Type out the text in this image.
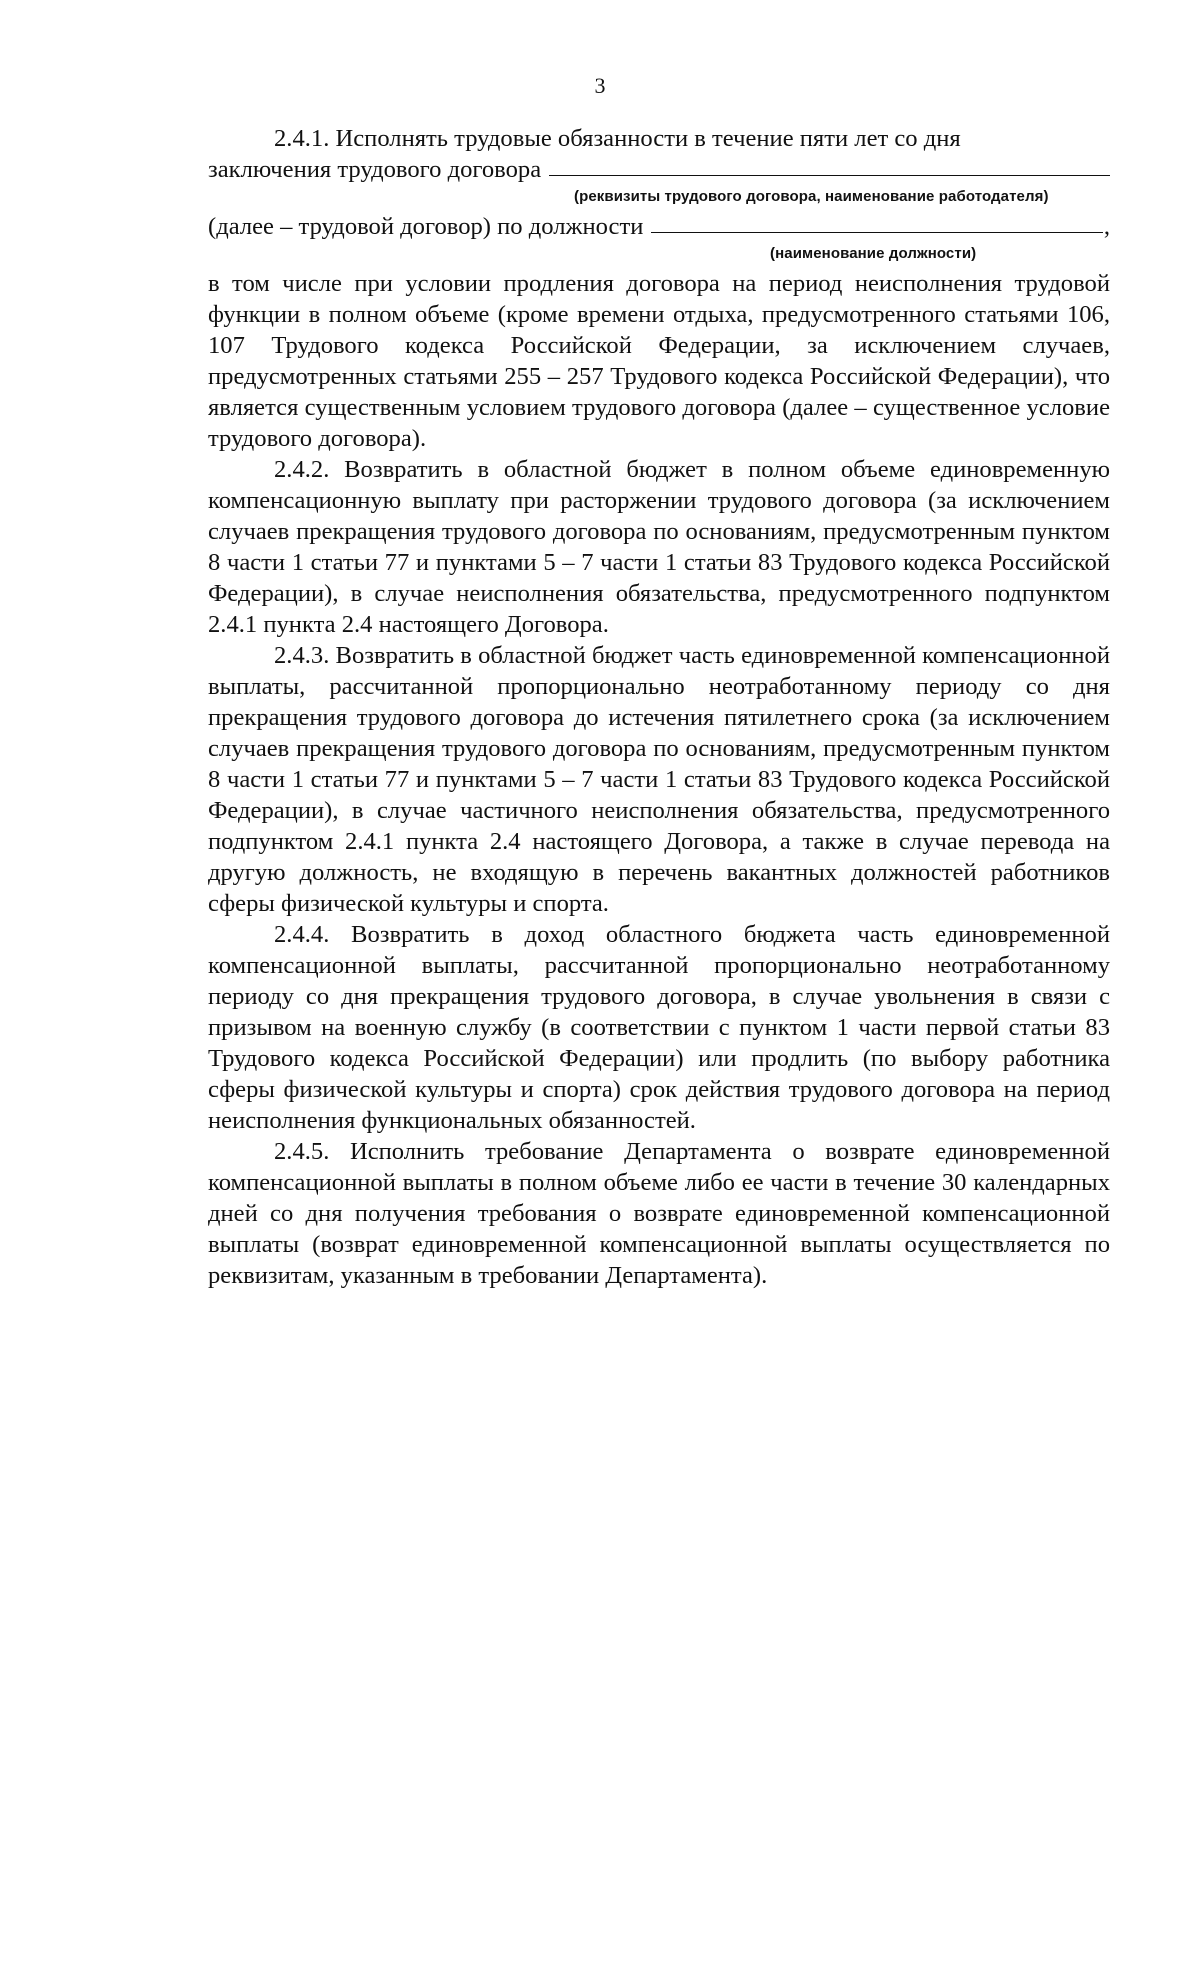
3

2.4.1. Исполнять трудовые обязанности в течение пяти лет со дня

заключения трудового договора
(реквизиты трудового договора, наименование работодателя)
(далее – трудовой договор) по должности	,
(наименование должности)

в том числе при условии продления договора на период неисполнения трудовой функции в полном объеме (кроме времени отдыха, предусмотренного статьями 106, 107 Трудового кодекса Российской Федерации, за исключением случаев, предусмотренных статьями 255 – 257 Трудового кодекса Российской Федерации), что является существенным условием трудового договора (далее – существенное условие трудового договора).

2.4.2. Возвратить в областной бюджет в полном объеме единовременную компенсационную выплату при расторжении трудового договора (за исключением случаев прекращения трудового договора по основаниям, предусмотренным пунктом 8 части 1 статьи 77 и пунктами 5 – 7 части 1 статьи 83 Трудового кодекса Российской Федерации), в случае неисполнения обязательства, предусмотренного подпунктом 2.4.1 пункта 2.4 настоящего Договора.

2.4.3. Возвратить в областной бюджет часть единовременной компенсационной выплаты, рассчитанной пропорционально неотработанному периоду со дня прекращения трудового договора до истечения пятилетнего срока (за исключением случаев прекращения трудового договора по основаниям, предусмотренным пунктом 8 части 1 статьи 77 и пунктами 5 – 7 части 1 статьи 83 Трудового кодекса Российской Федерации), в случае частичного неисполнения обязательства, предусмотренного подпунктом 2.4.1 пункта 2.4 настоящего Договора, а также в случае перевода на другую должность, не входящую в перечень вакантных должностей работников сферы физической культуры и спорта.

2.4.4. Возвратить в доход областного бюджета часть единовременной компенсационной выплаты, рассчитанной пропорционально неотработанному периоду со дня прекращения трудового договора, в случае увольнения в связи с призывом на военную службу (в соответствии с пунктом 1 части первой статьи 83 Трудового кодекса Российской Федерации) или продлить (по выбору работника сферы физической культуры и спорта) срок действия трудового договора на период неисполнения функциональных обязанностей.

2.4.5. Исполнить требование Департамента о возврате единовременной компенсационной выплаты в полном объеме либо ее части в течение 30 календарных дней со дня получения требования о возврате единовременной компенсационной выплаты (возврат единовременной компенсационной выплаты осуществляется по реквизитам, указанным в требовании Департамента).
